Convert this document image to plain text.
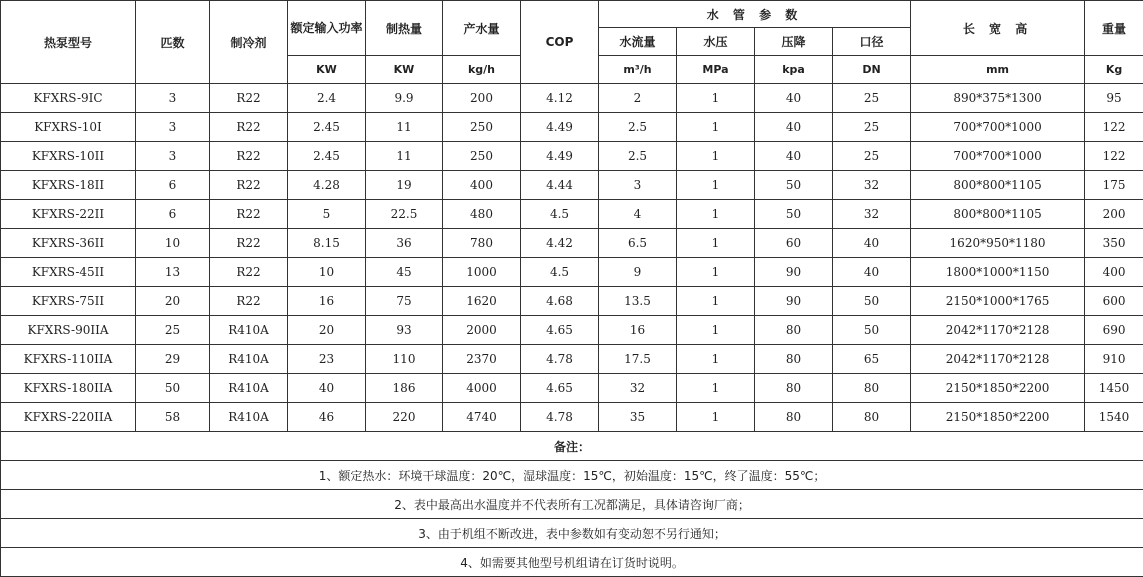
热泵型号	匹数	制冷剂	额定输入功率	制热量	产水量	COP	水 管 参 数				长 宽 高	重量
							水流量	水压	压降	口径		
			KW	KW	kg/h		m³/h	MPa	kpa	DN	mm	Kg
KFXRS-9IC	3	R22	2.4	9.9	200	4.12	2	1	40	25	890*375*1300	95
KFXRS-10I	3	R22	2.45	11	250	4.49	2.5	1	40	25	700*700*1000	122
KFXRS-10II	3	R22	2.45	11	250	4.49	2.5	1	40	25	700*700*1000	122
KFXRS-18II	6	R22	4.28	19	400	4.44	3	1	50	32	800*800*1105	175
KFXRS-22II	6	R22	5	22.5	480	4.5	4	1	50	32	800*800*1105	200
KFXRS-36II	10	R22	8.15	36	780	4.42	6.5	1	60	40	1620*950*1180	350
KFXRS-45II	13	R22	10	45	1000	4.5	9	1	90	40	1800*1000*1150	400
KFXRS-75II	20	R22	16	75	1620	4.68	13.5	1	90	50	2150*1000*1765	600
KFXRS-90IIA	25	R410A	20	93	2000	4.65	16	1	80	50	2042*1170*2128	690
KFXRS-110IIA	29	R410A	23	110	2370	4.78	17.5	1	80	65	2042*1170*2128	910
KFXRS-180IIA	50	R410A	40	186	4000	4.65	32	1	80	80	2150*1850*2200	1450
KFXRS-220IIA	58	R410A	46	220	4740	4.78	35	1	80	80	2150*1850*2200	1540
备注：												
1、额定热水：环境干球温度：20℃，湿球温度：15℃，初始温度：15℃，终了温度：55℃；												
2、表中最高出水温度并不代表所有工况都满足，具体请咨询厂商；												
3、由于机组不断改进，表中参数如有变动恕不另行通知；												
4、如需要其他型号机组请在订货时说明。												
